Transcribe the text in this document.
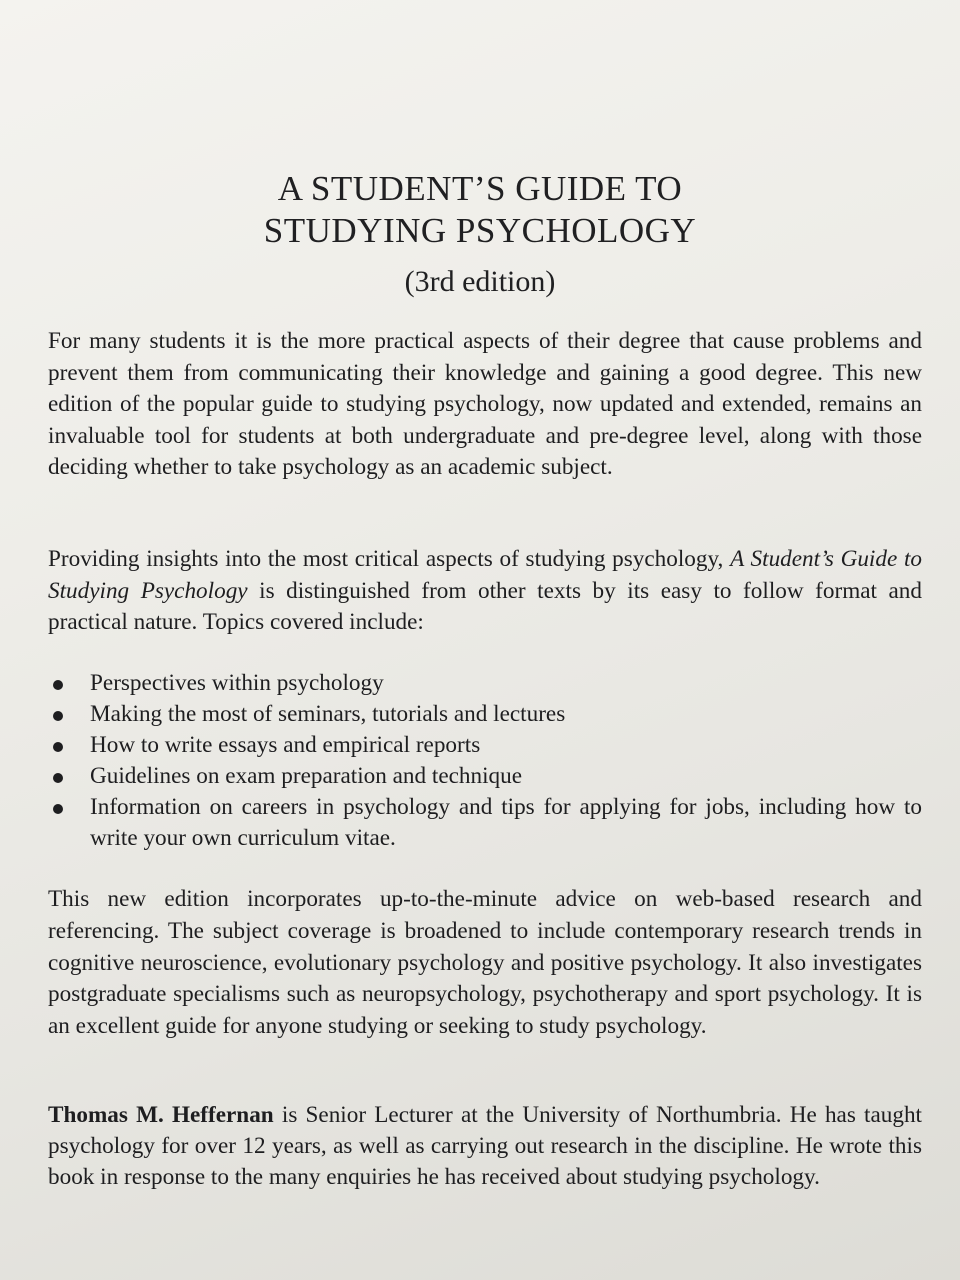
A STUDENT’S GUIDE TO
STUDYING PSYCHOLOGY
(3rd edition)

For many students it is the more practical aspects of their degree that cause problems and prevent them from communicating their knowledge and gaining a good degree. This new edition of the popular guide to studying psychology, now updated and extended, remains an invaluable tool for students at both undergraduate and pre-degree level, along with those deciding whether to take psychology as an academic subject.

Providing insights into the most critical aspects of studying psychology, A Student’s Guide to Studying Psychology is distinguished from other texts by its easy to follow format and practical nature. Topics covered include:

Perspectives within psychology
Making the most of seminars, tutorials and lectures
How to write essays and empirical reports
Guidelines on exam preparation and technique
Information on careers in psychology and tips for applying for jobs, including how to write your own curriculum vitae.

This new edition incorporates up-to-the-minute advice on web-based research and referencing. The subject coverage is broadened to include contemporary research trends in cognitive neuroscience, evolutionary psychology and positive psychology. It also investigates postgraduate specialisms such as neuropsychology, psychotherapy and sport psychology. It is an excellent guide for anyone studying or seeking to study psychology.

Thomas M. Heffernan is Senior Lecturer at the University of Northumbria. He has taught psychology for over 12 years, as well as carrying out research in the discipline. He wrote this book in response to the many enquiries he has received about studying psychology.
